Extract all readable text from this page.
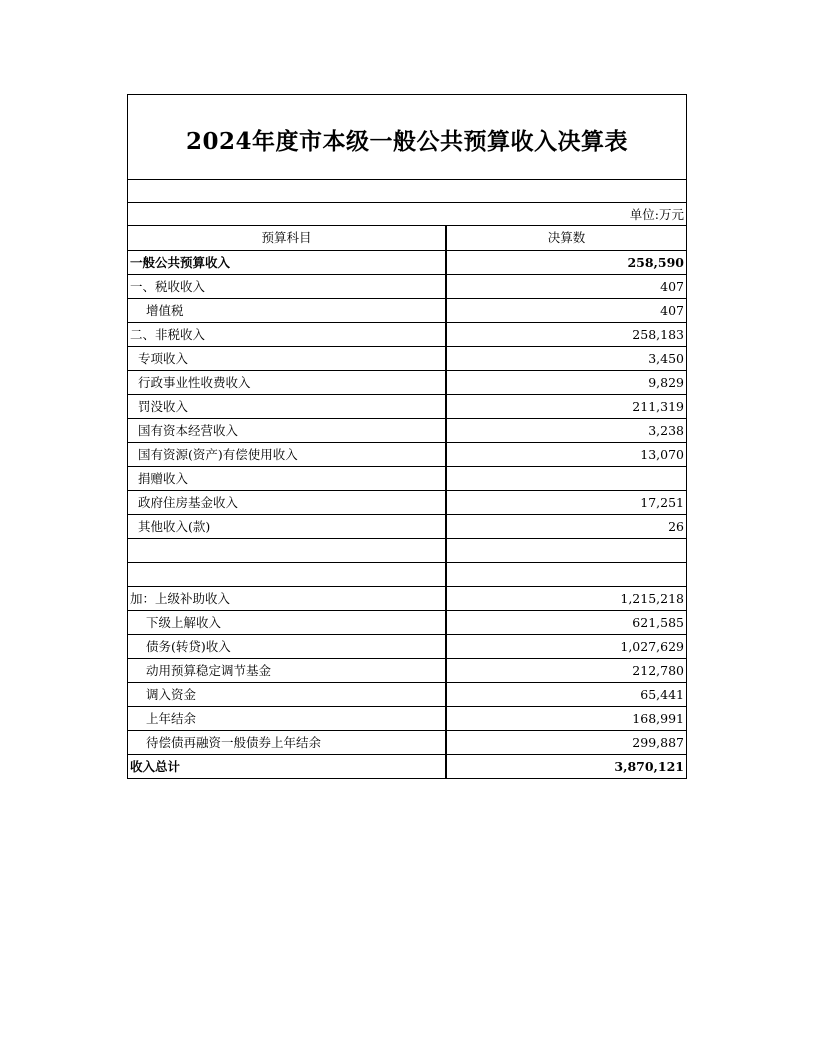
2024年度市本级一般公共预算收入决算表
单位:万元
预算科目	决算数
一般公共预算收入	258,590
一、税收收入	407
增值税	407
二、非税收入	258,183
专项收入	3,450
行政事业性收费收入	9,829
罚没收入	211,319
国有资本经营收入	3,238
国有资源(资产)有偿使用收入	13,070
捐赠收入	
政府住房基金收入	17,251
其他收入(款)	26

加：上级补助收入	1,215,218
下级上解收入	621,585
债务(转贷)收入	1,027,629
动用预算稳定调节基金	212,780
调入资金	65,441
上年结余	168,991
待偿债再融资一般债券上年结余	299,887
收入总计	3,870,121
